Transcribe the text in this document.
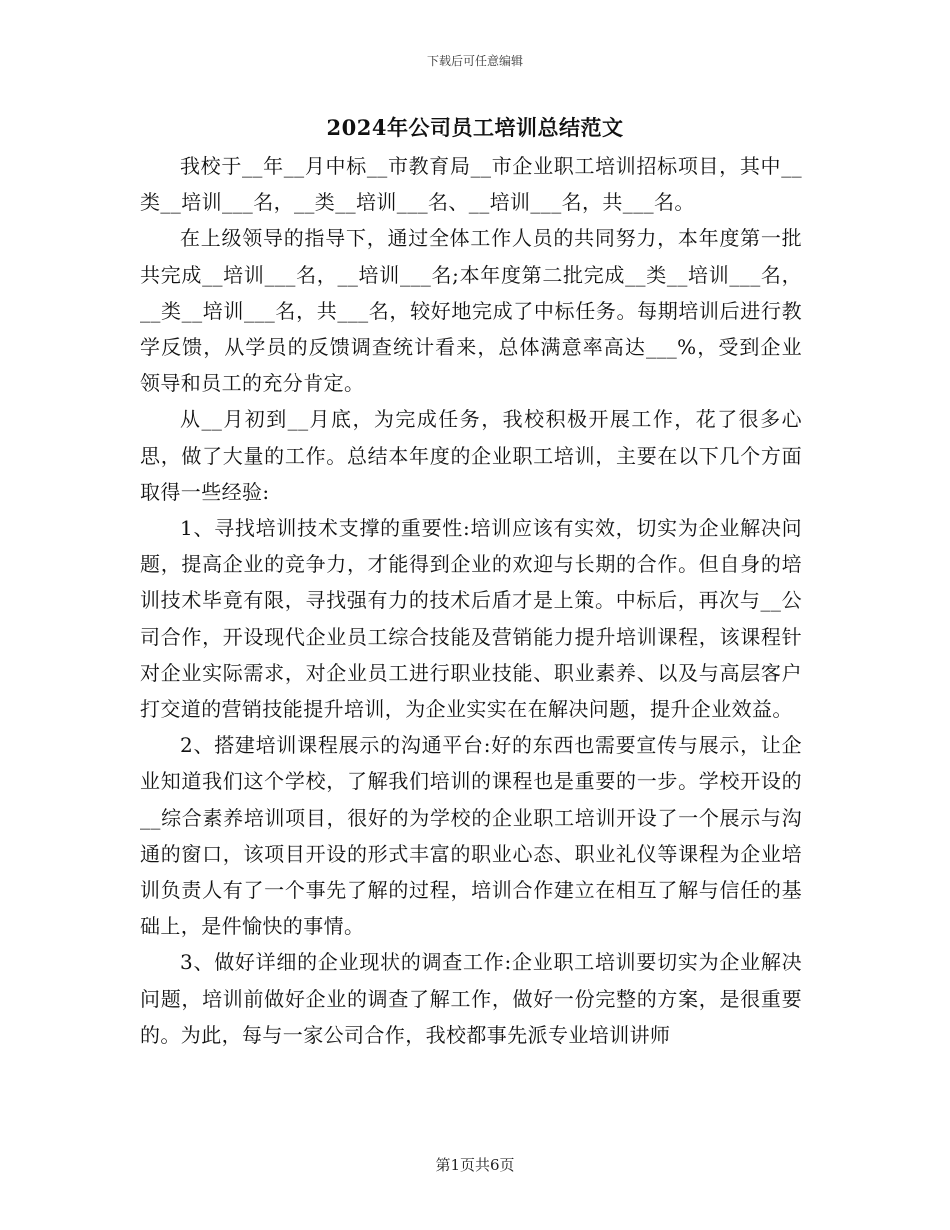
下载后可任意编辑
2024年公司员工培训总结范文

我校于__年__月中标__市教育局__市企业职工培训招标项目，其中__类__培训___名，__类__培训___名、__培训___名，共___名。

在上级领导的指导下，通过全体工作人员的共同努力，本年度第一批共完成__培训___名，__培训___名;本年度第二批完成__类__培训___名，__类__培训___名，共___名，较好地完成了中标任务。每期培训后进行教学反馈，从学员的反馈调查统计看来，总体满意率高达___%，受到企业领导和员工的充分肯定。

从__月初到__月底，为完成任务，我校积极开展工作，花了很多心思，做了大量的工作。总结本年度的企业职工培训，主要在以下几个方面取得一些经验:

1、寻找培训技术支撑的重要性:培训应该有实效，切实为企业解决问题，提高企业的竞争力，才能得到企业的欢迎与长期的合作。但自身的培训技术毕竟有限，寻找强有力的技术后盾才是上策。中标后，再次与__公司合作，开设现代企业员工综合技能及营销能力提升培训课程，该课程针对企业实际需求，对企业员工进行职业技能、职业素养、以及与高层客户打交道的营销技能提升培训，为企业实实在在解决问题，提升企业效益。

2、搭建培训课程展示的沟通平台:好的东西也需要宣传与展示，让企业知道我们这个学校，了解我们培训的课程也是重要的一步。学校开设的__综合素养培训项目，很好的为学校的企业职工培训开设了一个展示与沟通的窗口，该项目开设的形式丰富的职业心态、职业礼仪等课程为企业培训负责人有了一个事先了解的过程，培训合作建立在相互了解与信任的基础上，是件愉快的事情。

3、做好详细的企业现状的调查工作:企业职工培训要切实为企业解决问题，培训前做好企业的调查了解工作，做好一份完整的方案，是很重要的。为此，每与一家公司合作，我校都事先派专业培训讲师

第1页共6页
